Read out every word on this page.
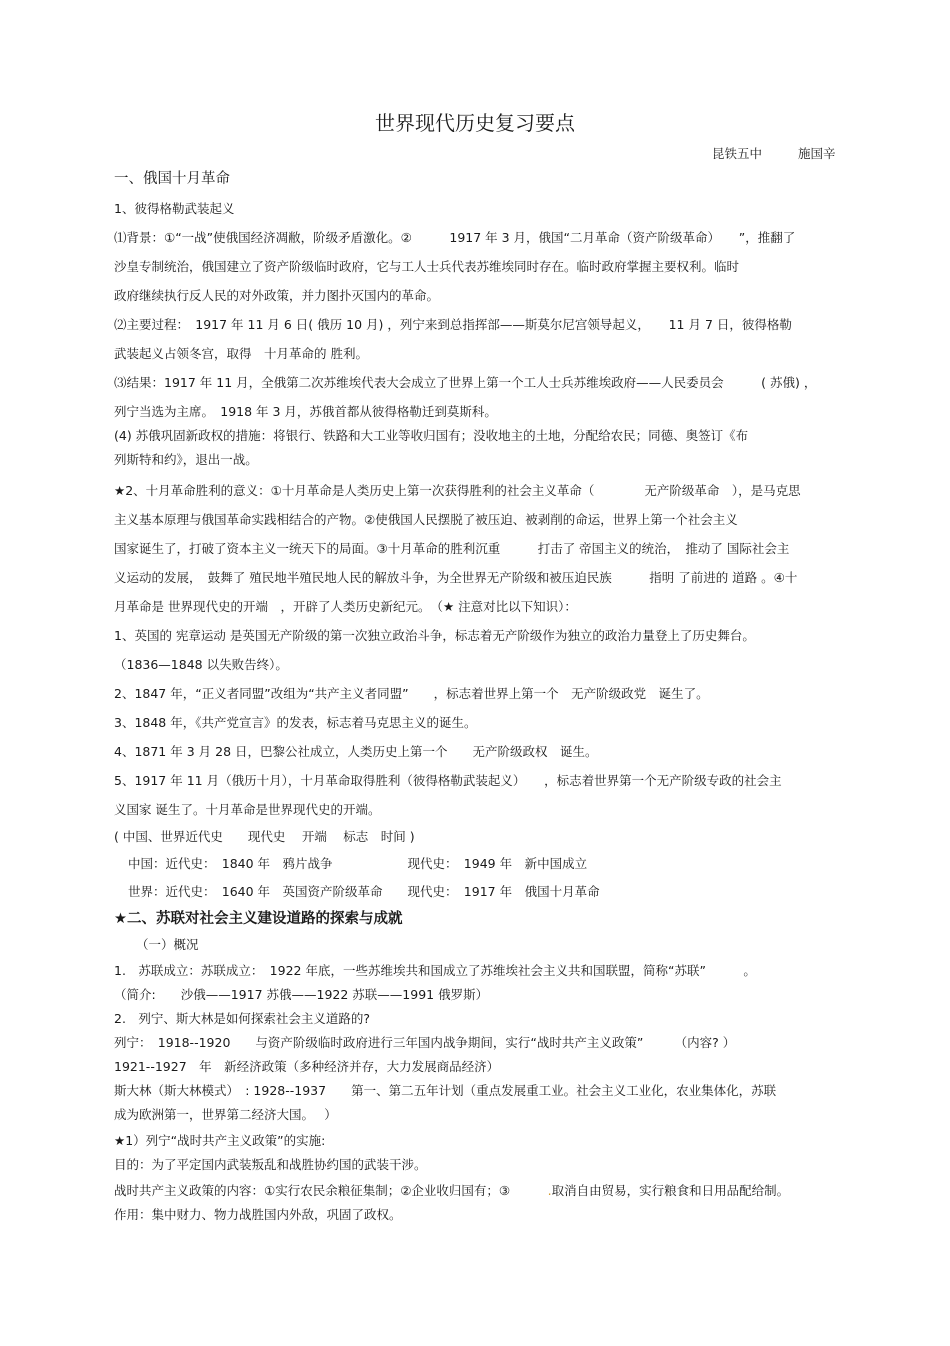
世界现代历史复习要点
昆铁五中	施国辛
一、俄国十月革命
1、彼得格勒武装起义
⑴背景：①“一战”使俄国经济凋敝，阶级矛盾激化。②　　　1917 年 3 月，俄国“二月革命（资产阶级革命）　　”，推翻了
沙皇专制统治，俄国建立了资产阶级临时政府，它与工人士兵代表苏维埃同时存在。临时政府掌握主要权利。临时
政府继续执行反人民的对外政策，并力图扑灭国内的革命。
⑵主要过程：　1917 年 11 月 6 日( 俄历 10 月) ，列宁来到总指挥部——斯莫尔尼宫领导起义，　　11 月 7 日，彼得格勒
武装起义占领冬宫，取得　十月革命的 胜利。
⑶结果：1917 年 11 月，全俄第二次苏维埃代表大会成立了世界上第一个工人士兵苏维埃政府——人民委员会　　　( 苏俄) ，
列宁当选为主席。　1918 年 3 月，苏俄首都从彼得格勒迁到莫斯科。
(4) 苏俄巩固新政权的措施：将银行、铁路和大工业等收归国有；没收地主的土地，分配给农民；同德、奥签订《布
列斯特和约》，退出一战。
★2、十月革命胜利的意义：①十月革命是人类历史上第一次获得胜利的社会主义革命（　　　　无产阶级革命　），是马克思
主义基本原理与俄国革命实践相结合的产物。②使俄国人民摆脱了被压迫、被剥削的命运，世界上第一个社会主义
国家诞生了，打破了资本主义一统天下的局面。③十月革命的胜利沉重　　　打击了 帝国主义的统治，　推动了 国际社会主
义运动的发展，　鼓舞了 殖民地半殖民地人民的解放斗争，为全世界无产阶级和被压迫民族　　　指明 了前进的 道路 。④十
月革命是 世界现代史的开端　，开辟了人类历史新纪元。　（★ 注意对比以下知识）：
1、英国的 宪章运动 是英国无产阶级的第一次独立政治斗争，标志着无产阶级作为独立的政治力量登上了历史舞台。
（1836—1848 以失败告终）。
2、1847 年，“正义者同盟”改组为“共产主义者同盟”　　，标志着世界上第一个　无产阶级政党　诞生了。
3、1848 年，《共产党宣言》的发表，标志着马克思主义的诞生。
4、1871 年 3 月 28 日，巴黎公社成立，人类历史上第一个　　无产阶级政权　诞生。
5、1917 年 11 月（俄历十月），十月革命取得胜利（彼得格勒武装起义）　　，标志着世界第一个无产阶级专政的社会主
义国家 诞生了。十月革命是世界现代史的开端。
( 中国、世界近代史　　现代史　 开端　 标志　时间 )
中国：近代史：　1840 年　鸦片战争　　　　　　现代史：　1949 年　新中国成立
世界：近代史：　1640 年　英国资产阶级革命　　现代史：　1917 年　俄国十月革命
★二、苏联对社会主义建设道路的探索与成就
（一）概况
1.　苏联成立：苏联成立：　1922 年底，一些苏维埃共和国成立了苏维埃社会主义共和国联盟，简称“苏联”　　　。
（简介:　　沙俄——1917 苏俄——1922 苏联——1991 俄罗斯）
2.　列宁、斯大林是如何探索社会主义道路的?
列宁：　1918--1920　　与资产阶级临时政府进行三年国内战争期间，实行“战时共产主义政策”　　　（内容? ）
1921--1927　年　新经济政策（多种经济并存，大力发展商品经济）
斯大林（斯大林模式）　: 1928--1937　　第一、第二五年计划（重点发展重工业。社会主义工业化，农业集体化，苏联
成为欧洲第一，世界第二经济大国。　 ）
★1）列宁“战时共产主义政策”的实施:
目的：为了平定国内武装叛乱和战胜协约国的武装干涉。
战时共产主义政策的内容：①实行农民余粮征集制；②企业收归国有；③　　　.取消自由贸易，实行粮食和日用品配给制。
作用：集中财力、物力战胜国内外敌，巩固了政权。
